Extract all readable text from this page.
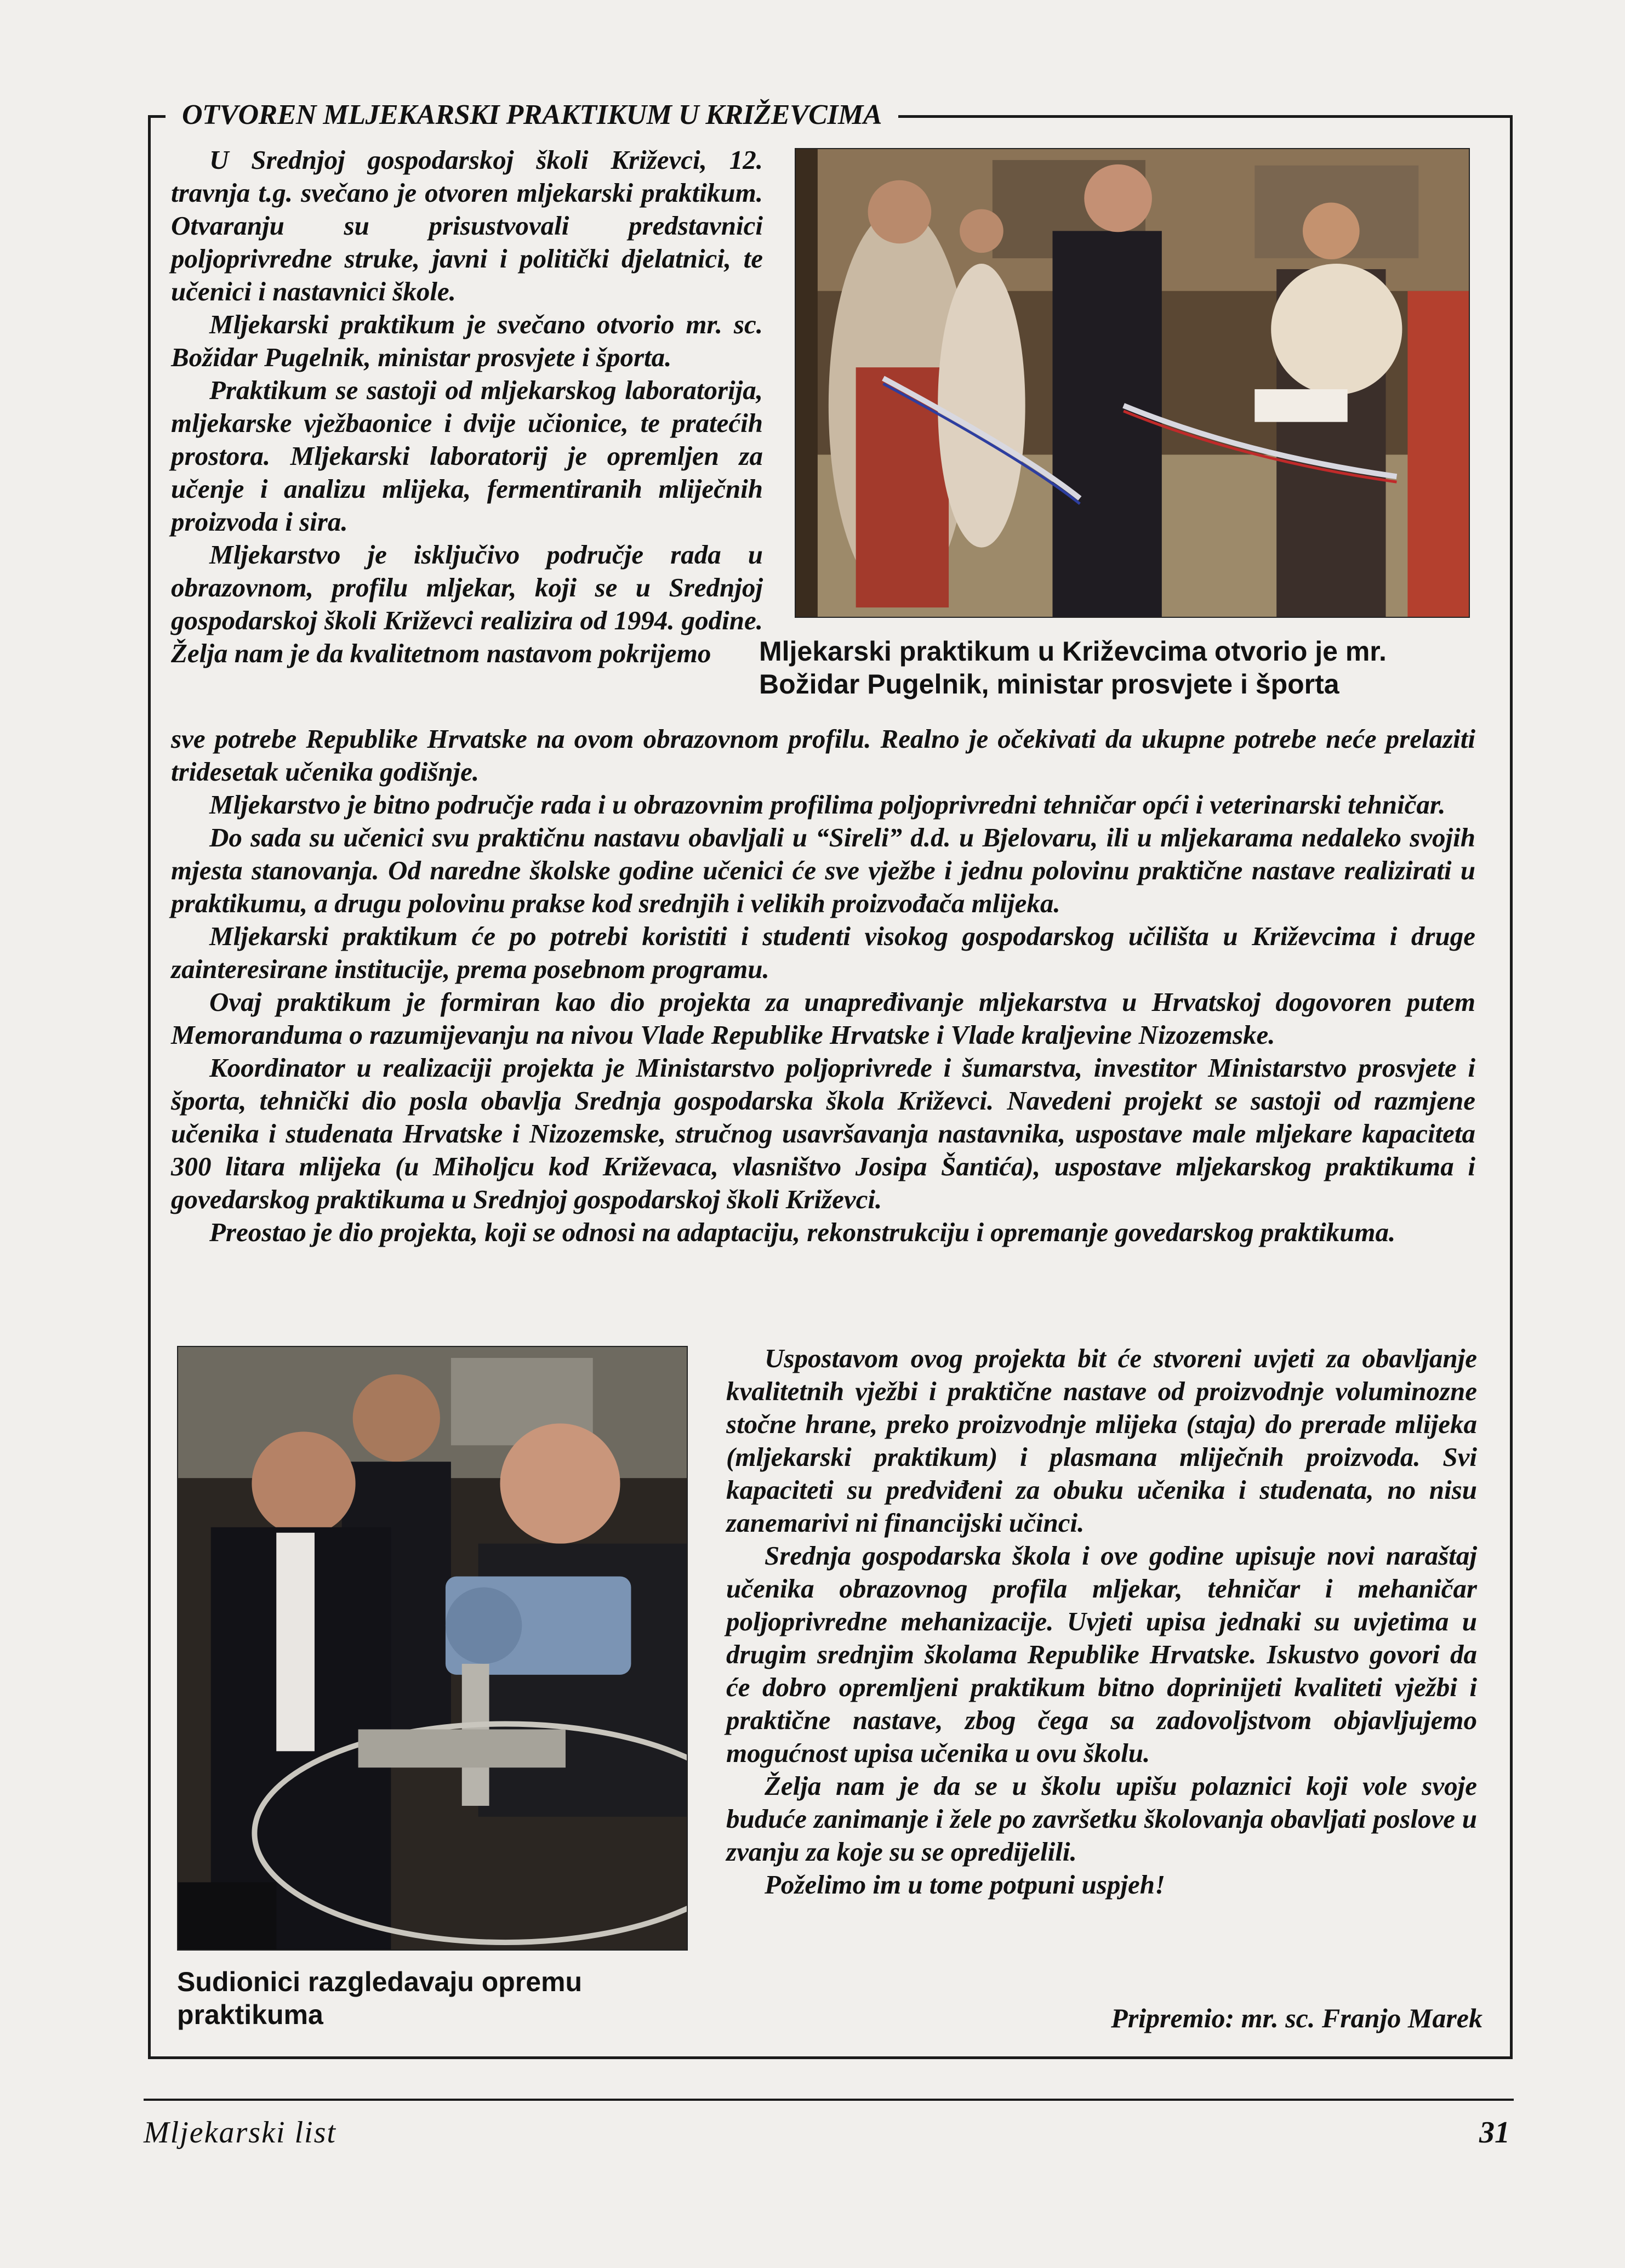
OTVOREN MLJEKARSKI PRAKTIKUM U KRIŽEVCIMA

U Srednjoj gospodarskoj školi Križevci, 12. travnja t.g. svečano je otvoren mljekarski praktikum. Otvaranju su prisustvovali predstavnici poljoprivredne struke, javni i politički djelatnici, te učenici i nastavnici škole.

Mljekarski praktikum je svečano otvorio mr. sc. Božidar Pugelnik, ministar prosvjete i športa.

Praktikum se sastoji od mljekarskog laboratorija, mljekarske vježbaonice i dvije učionice, te pratećih prostora. Mljekarski laboratorij je opremljen za učenje i analizu mlijeka, fermentiranih mliječnih proizvoda i sira.

Mljekarstvo je isključivo područje rada u obrazovnom, profilu mljekar, koji se u Srednjoj gospodarskoj školi Križevci realizira od 1994. godine. Želja nam je da kvalitetnom nastavom pokrijemo	Mljekarski praktikum u Križevcima otvorio je mr. Božidar Pugelnik, ministar prosvjete i športa

sve potrebe Republike Hrvatske na ovom obrazovnom profilu. Realno je očekivati da ukupne potrebe neće prelaziti tridesetak učenika godišnje.

Mljekarstvo je bitno područje rada i u obrazovnim profilima poljoprivredni tehničar opći i veterinarski tehničar.

Do sada su učenici svu praktičnu nastavu obavljali u “Sireli” d.d. u Bjelovaru, ili u mljekarama nedaleko svojih mjesta stanovanja. Od naredne školske godine učenici će sve vježbe i jednu polovinu praktične nastave realizirati u praktikumu, a drugu polovinu prakse kod srednjih i velikih proizvođača mlijeka.

Mljekarski praktikum će po potrebi koristiti i studenti visokog gospodarskog učilišta u Križevcima i druge zainteresirane institucije, prema posebnom programu.

Ovaj praktikum je formiran kao dio projekta za unapređivanje mljekarstva u Hrvatskoj dogovoren putem Memoranduma o razumijevanju na nivou Vlade Republike Hrvatske i Vlade kraljevine Nizozemske.

Koordinator u realizaciji projekta je Ministarstvo poljoprivrede i šumarstva, investitor Ministarstvo prosvjete i športa, tehnički dio posla obavlja Srednja gospodarska škola Križevci. Navedeni projekt se sastoji od razmjene učenika i studenata Hrvatske i Nizozemske, stručnog usavršavanja nastavnika, uspostave male mljekare kapaciteta 300 litara mlijeka (u Miholjcu kod Križevaca, vlasništvo Josipa Šantića), uspostave mljekarskog praktikuma i govedarskog praktikuma u Srednjoj gospodarskoj školi Križevci.

Preostao je dio projekta, koji se odnosi na adaptaciju, rekonstrukciju i opremanje govedarskog praktikuma.

Sudionici razgledavaju opremu praktikuma

Uspostavom ovog projekta bit će stvoreni uvjeti za obavljanje kvalitetnih vježbi i praktične nastave od proizvodnje voluminozne stočne hrane, preko proizvodnje mlijeka (staja) do prerade mlijeka (mljekarski praktikum) i plasmana mliječnih proizvoda. Svi kapaciteti su predviđeni za obuku učenika i studenata, no nisu zanemarivi ni financijski učinci.

Srednja gospodarska škola i ove godine upisuje novi naraštaj učenika obrazovnog profila mljekar, tehničar i mehaničar poljoprivredne mehanizacije. Uvjeti upisa jednaki su uvjetima u drugim srednjim školama Republike Hrvatske. Iskustvo govori da će dobro opremljeni praktikum bitno doprinijeti kvaliteti vježbi i praktične nastave, zbog čega sa zadovoljstvom objavljujemo mogućnost upisa učenika u ovu školu.

Želja nam je da se u školu upišu polaznici koji vole svoje buduće zanimanje i žele po završetku školovanja obavljati poslove u zvanju za koje su se opredijelili.

Poželimo im u tome potpuni uspjeh!

Pripremio: mr. sc. Franjo Marek

Mljekarski list	31
